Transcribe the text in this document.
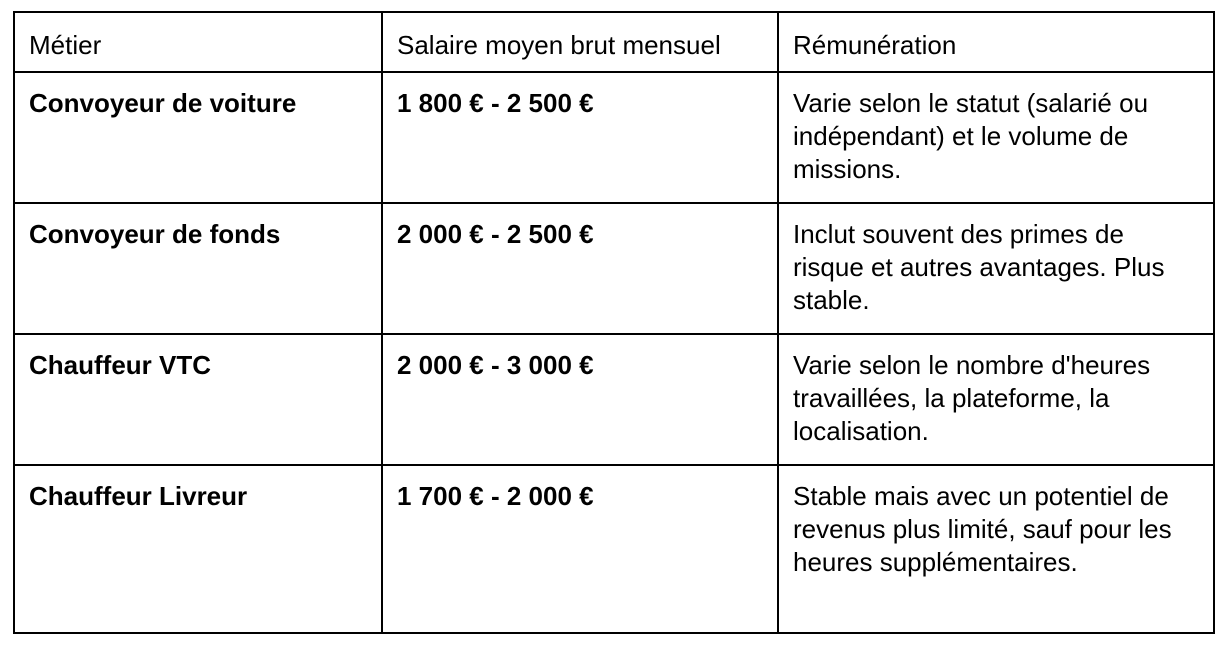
Métier	Salaire moyen brut mensuel	Rémunération
Convoyeur de voiture	1 800 € - 2 500 €	Varie selon le statut (salarié ou indépendant) et le volume de missions.
Convoyeur de fonds	2 000 € - 2 500 €	Inclut souvent des primes de risque et autres avantages. Plus stable.
Chauffeur VTC	2 000 € - 3 000 €	Varie selon le nombre d'heures travaillées, la plateforme, la localisation.
Chauffeur Livreur	1 700 € - 2 000 €	Stable mais avec un potentiel de revenus plus limité, sauf pour les heures supplémentaires.
